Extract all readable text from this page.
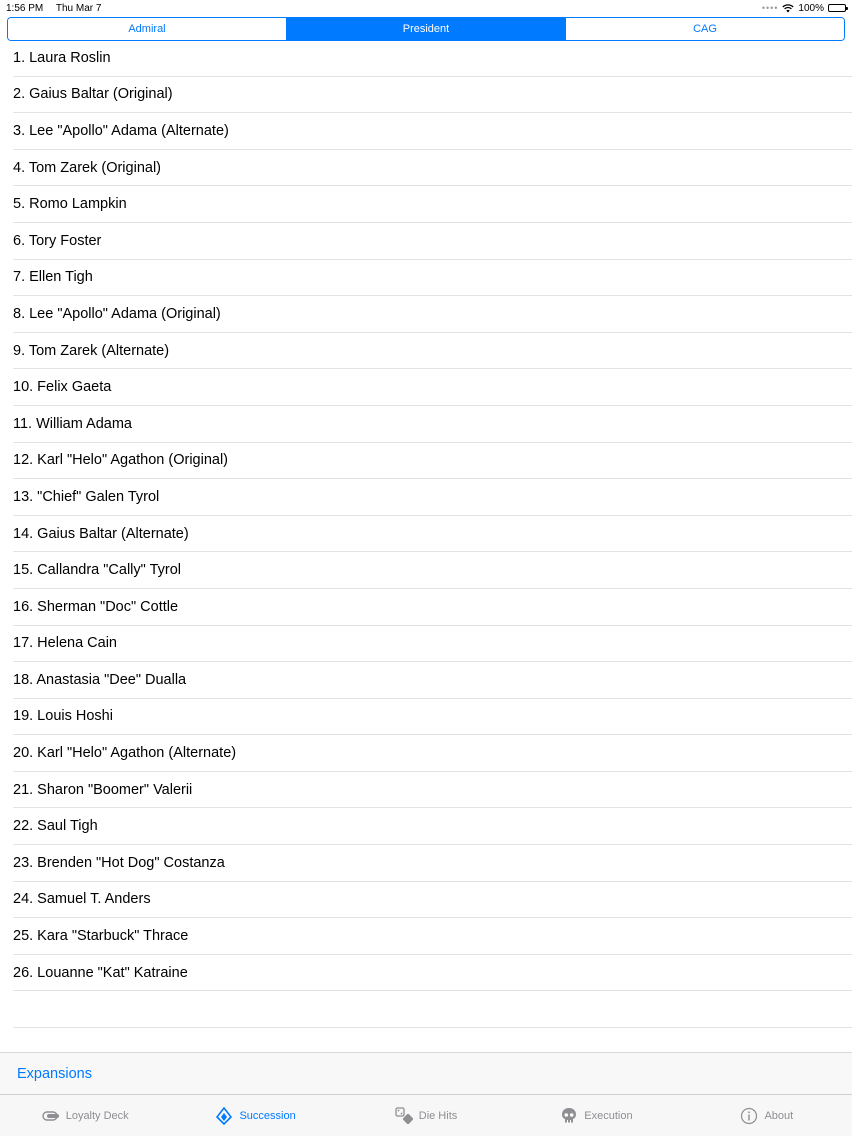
1:56 PM Thu Mar 7	•••• 100%
Admiral	President	CAG
1. Laura Roslin
2. Gaius Baltar (Original)
3. Lee "Apollo" Adama (Alternate)
4. Tom Zarek (Original)
5. Romo Lampkin
6. Tory Foster
7. Ellen Tigh
8. Lee "Apollo" Adama (Original)
9. Tom Zarek (Alternate)
10. Felix Gaeta
11. William Adama
12. Karl "Helo" Agathon (Original)
13. "Chief" Galen Tyrol
14. Gaius Baltar (Alternate)
15. Callandra "Cally" Tyrol
16. Sherman "Doc" Cottle
17. Helena Cain
18. Anastasia "Dee" Dualla
19. Louis Hoshi
20. Karl "Helo" Agathon (Alternate)
21. Sharon "Boomer" Valerii
22. Saul Tigh
23. Brenden "Hot Dog" Costanza
24. Samuel T. Anders
25. Kara "Starbuck" Thrace
26. Louanne "Kat" Katraine
Expansions
Loyalty Deck	Succession	Die Hits	Execution	About
